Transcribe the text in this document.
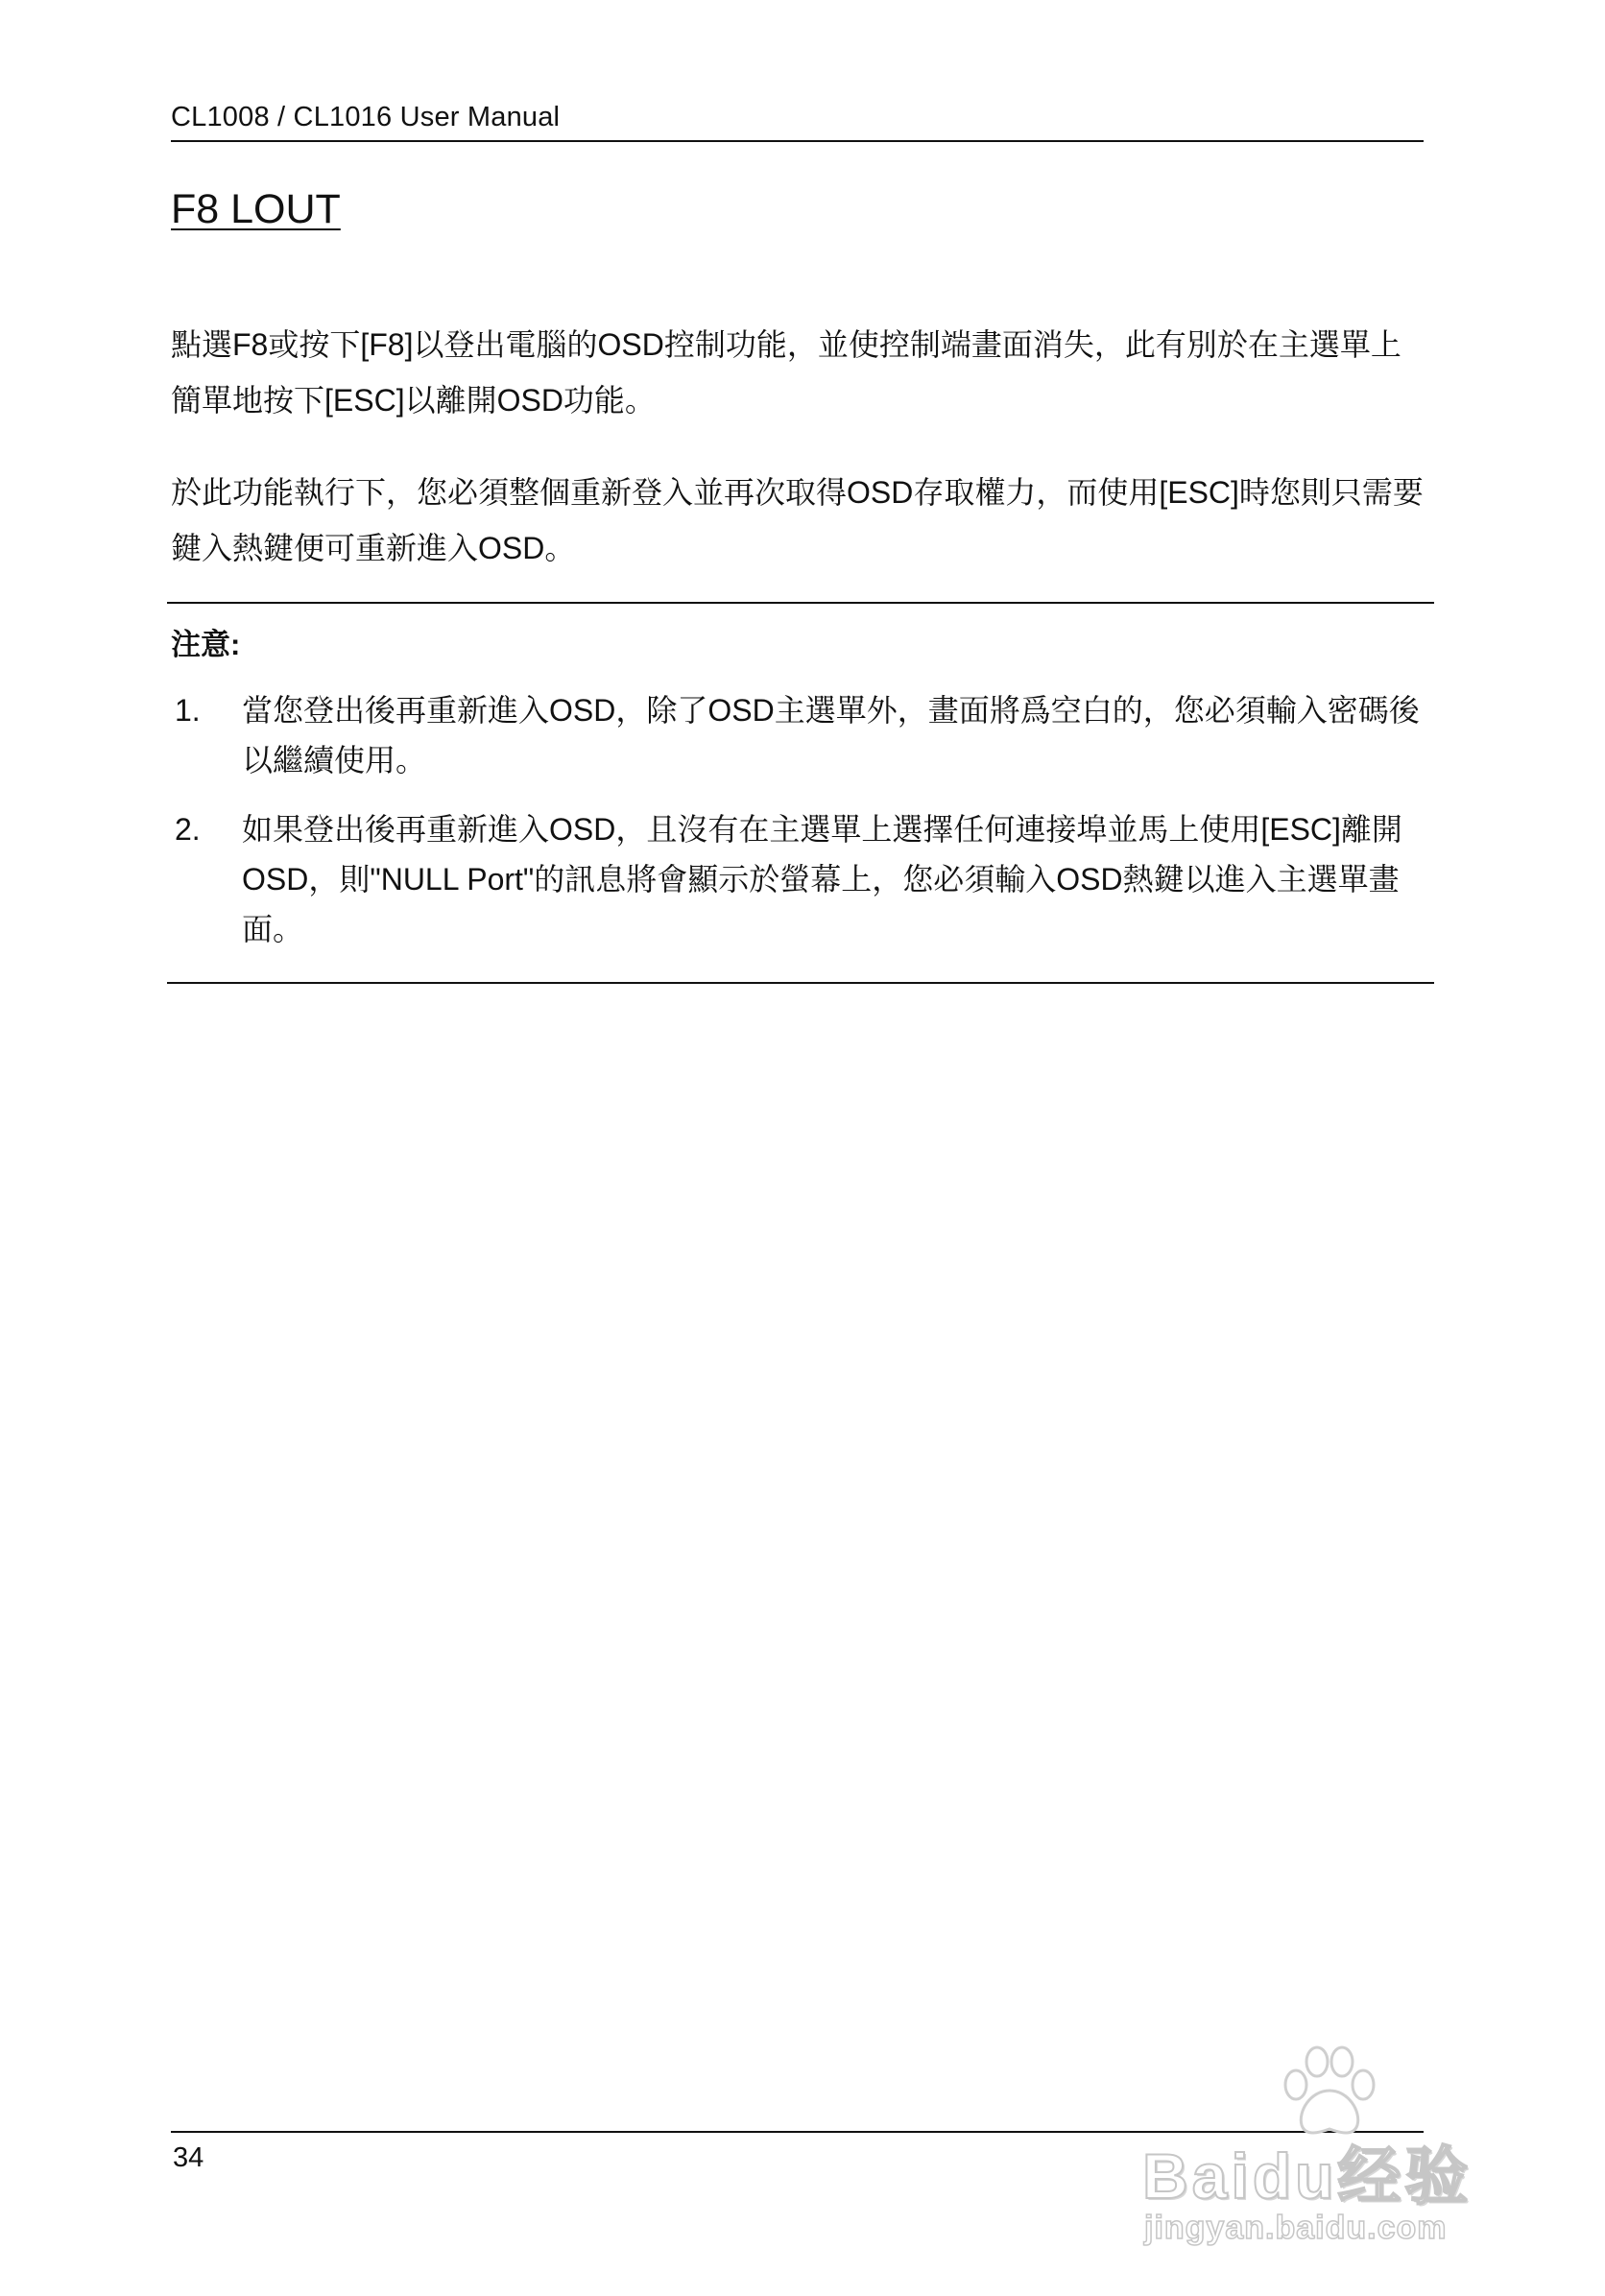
CL1008 / CL1016 User Manual
F8 LOUT

點選F8或按下[F8]以登出電腦的OSD控制功能，並使控制端畫面消失，此有別於在主選單上簡單地按下[ESC]以離開OSD功能。

於此功能執行下，您必須整個重新登入並再次取得OSD存取權力，而使用[ESC]時您則只需要鍵入熱鍵便可重新進入OSD。

注意:
1. 當您登出後再重新進入OSD，除了OSD主選單外，畫面將爲空白的，您必須輸入密碼後以繼續使用。
2. 如果登出後再重新進入OSD，且沒有在主選單上選擇任何連接埠並馬上使用[ESC]離開OSD，則"NULL Port"的訊息將會顯示於螢幕上，您必須輸入OSD熱鍵以進入主選單畫面。
34	Baidu经验
jingyan.baidu.com
